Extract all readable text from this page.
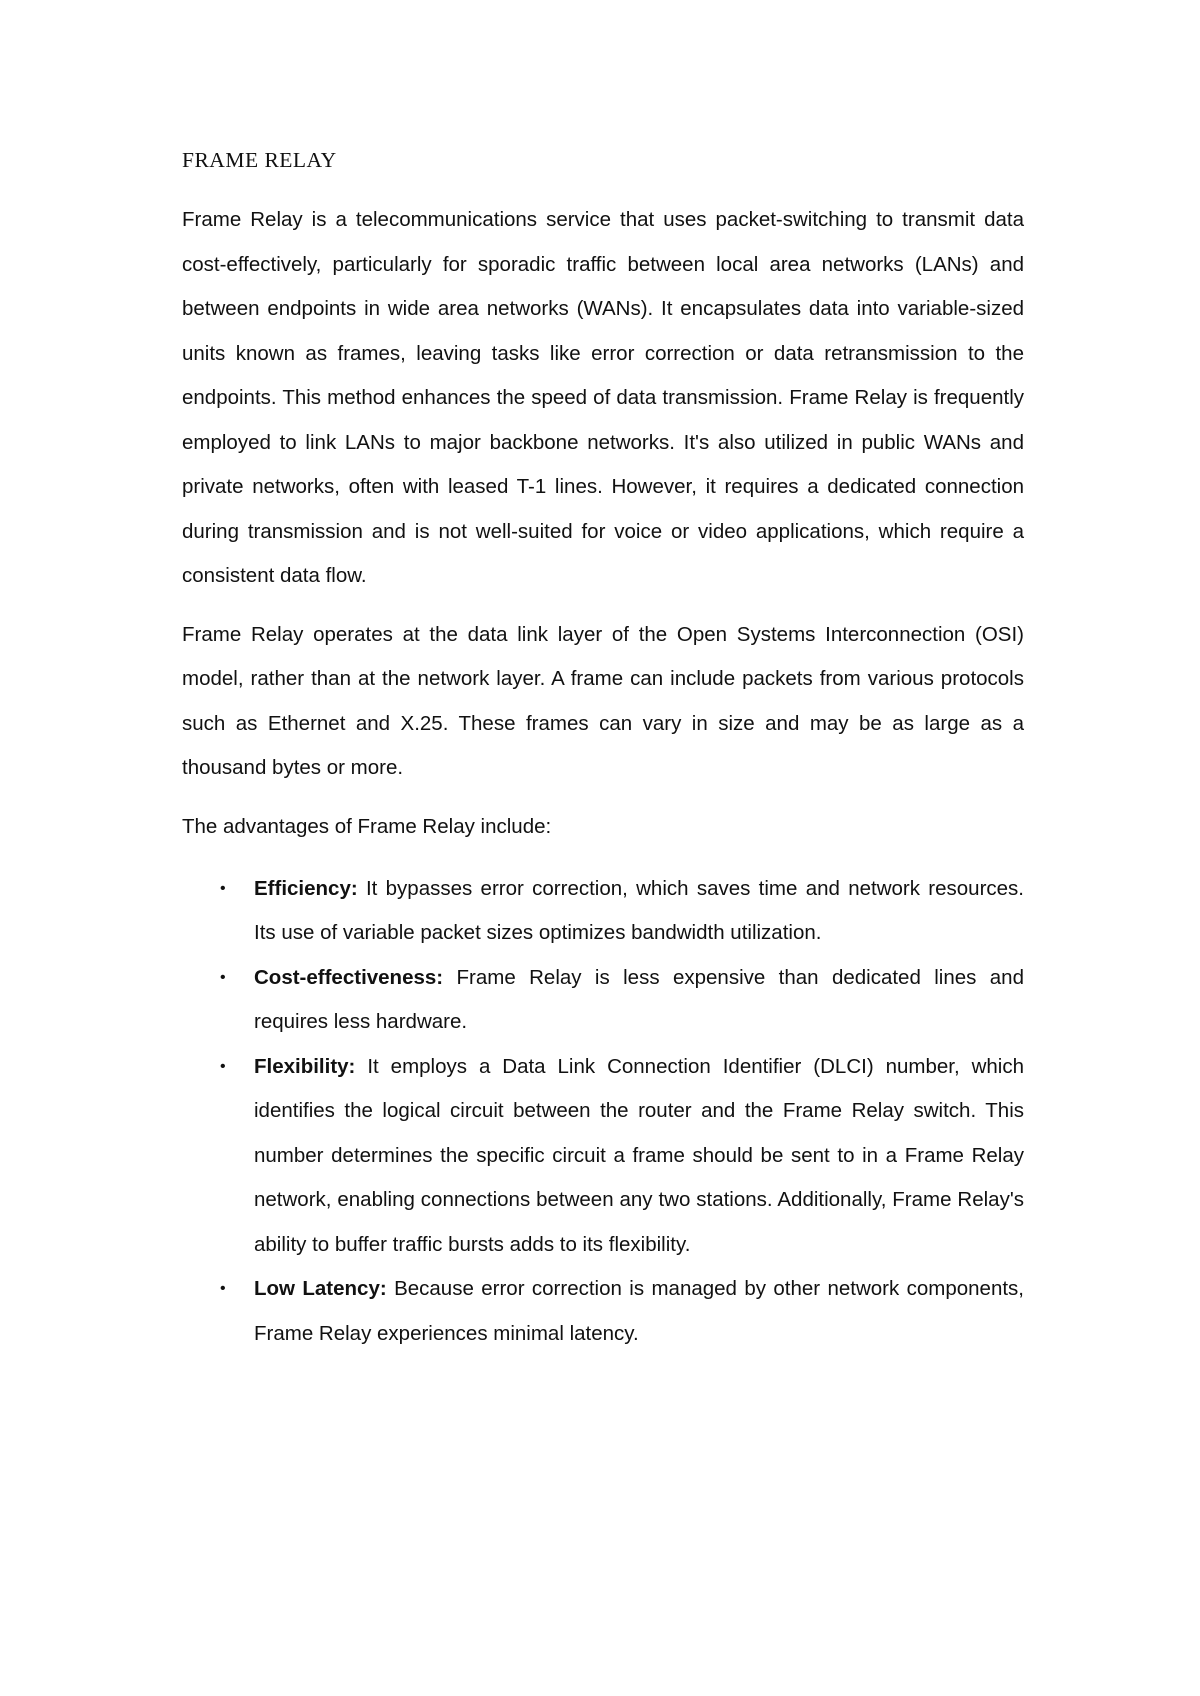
FRAME RELAY

Frame Relay is a telecommunications service that uses packet-switching to transmit data cost-effectively, particularly for sporadic traffic between local area networks (LANs) and between endpoints in wide area networks (WANs). It encapsulates data into variable-sized units known as frames, leaving tasks like error correction or data retransmission to the endpoints. This method enhances the speed of data transmission. Frame Relay is frequently employed to link LANs to major backbone networks. It's also utilized in public WANs and private networks, often with leased T-1 lines. However, it requires a dedicated connection during transmission and is not well-suited for voice or video applications, which require a consistent data flow.

Frame Relay operates at the data link layer of the Open Systems Interconnection (OSI) model, rather than at the network layer. A frame can include packets from various protocols such as Ethernet and X.25. These frames can vary in size and may be as large as a thousand bytes or more.

The advantages of Frame Relay include:

• Efficiency: It bypasses error correction, which saves time and network resources. Its use of variable packet sizes optimizes bandwidth utilization.
• Cost-effectiveness: Frame Relay is less expensive than dedicated lines and requires less hardware.
• Flexibility: It employs a Data Link Connection Identifier (DLCI) number, which identifies the logical circuit between the router and the Frame Relay switch. This number determines the specific circuit a frame should be sent to in a Frame Relay network, enabling connections between any two stations. Additionally, Frame Relay's ability to buffer traffic bursts adds to its flexibility.
• Low Latency: Because error correction is managed by other network components, Frame Relay experiences minimal latency.
